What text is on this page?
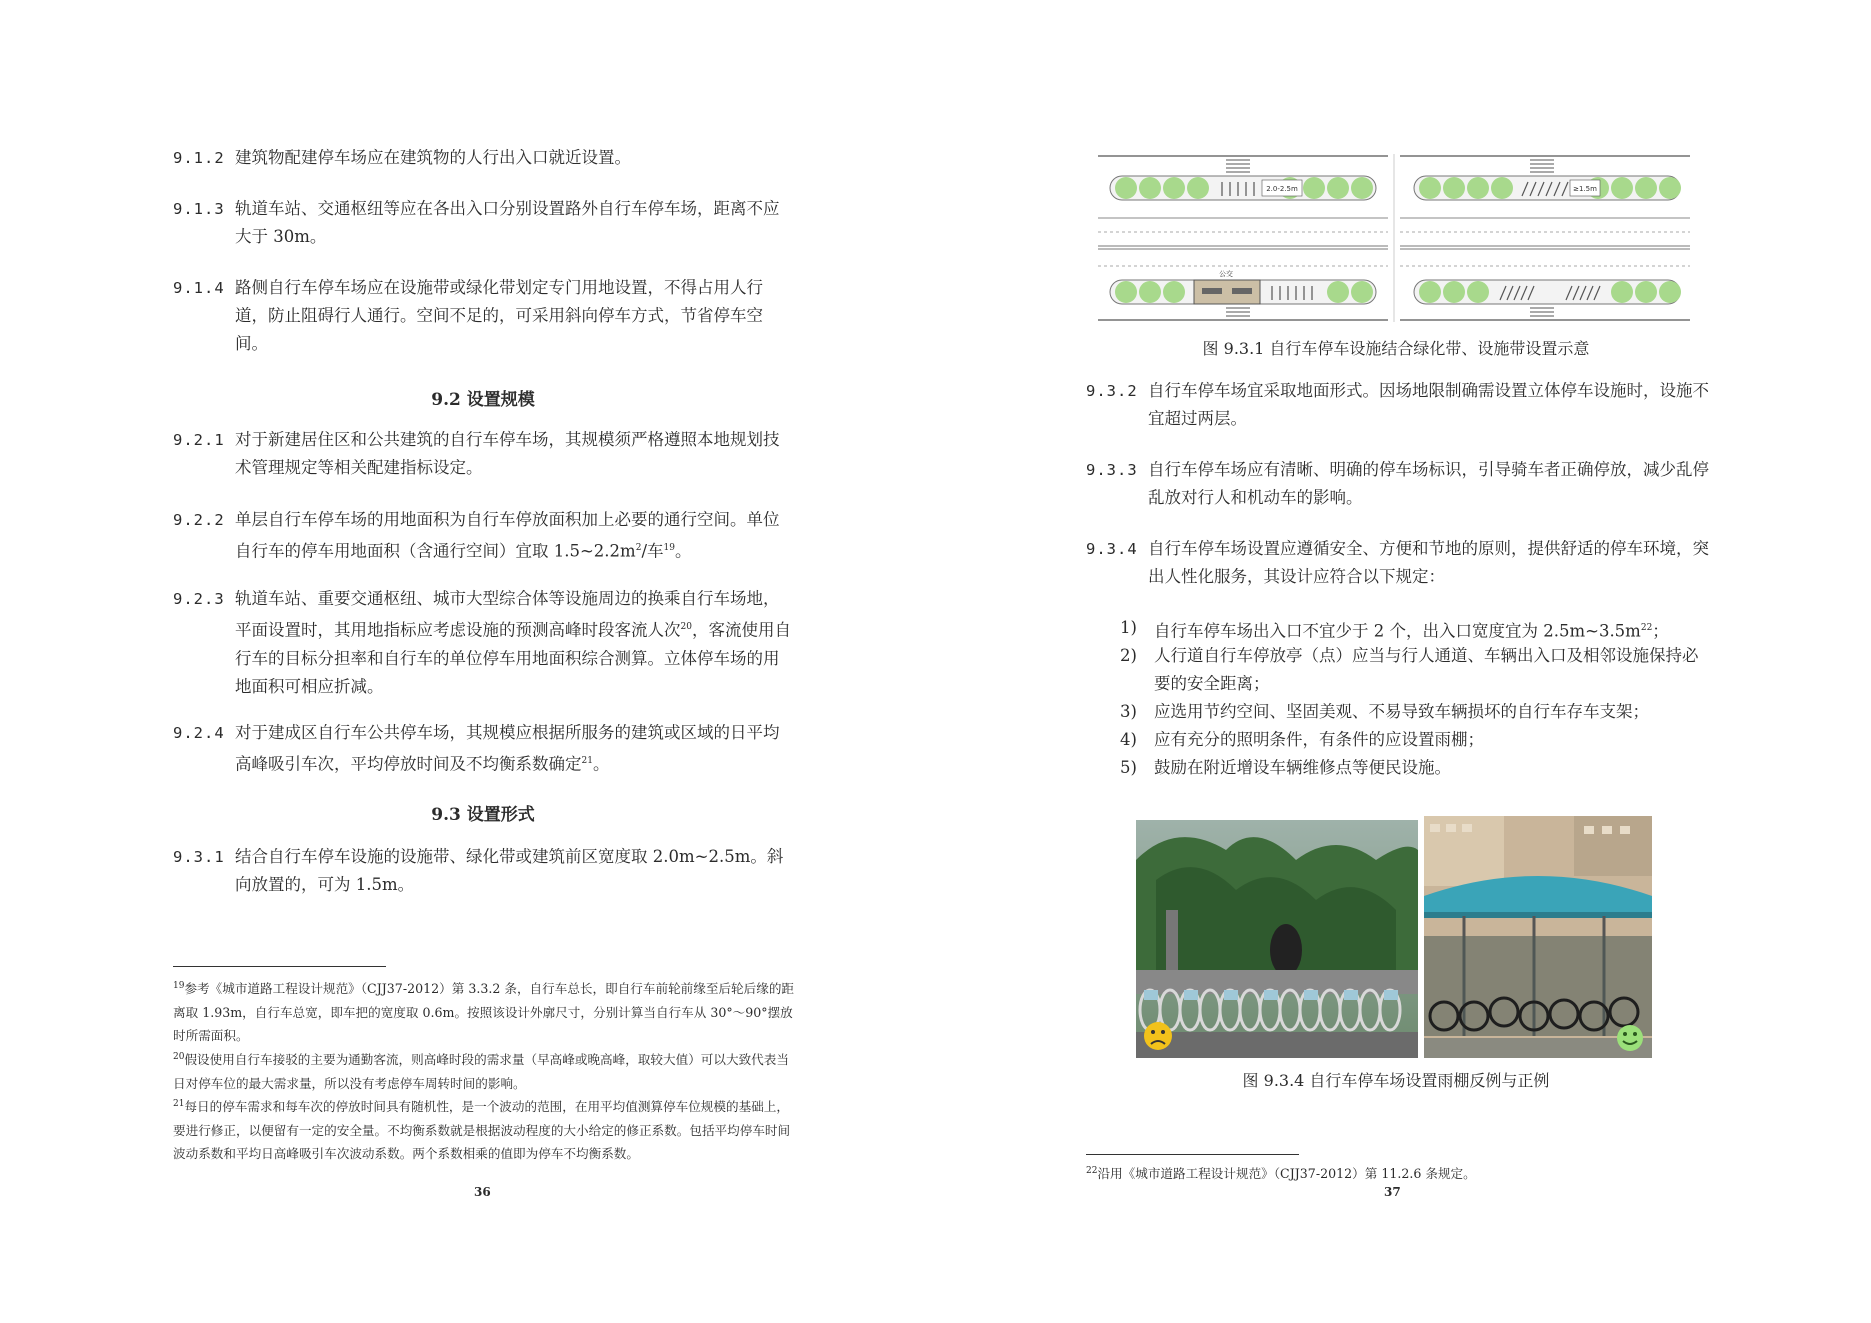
9.1.2 建筑物配建停车场应在建筑物的人行出入口就近设置。
9.1.3 轨道车站、交通枢纽等应在各出入口分别设置路外自行车停车场，距离不应大于 30m。
9.1.4 路侧自行车停车场应在设施带或绿化带划定专门用地设置，不得占用人行道，防止阻碍行人通行。空间不足的，可采用斜向停车方式，节省停车空间。
9.2 设置规模
9.2.1 对于新建居住区和公共建筑的自行车停车场，其规模须严格遵照本地规划技术管理规定等相关配建指标设定。
9.2.2 单层自行车停车场的用地面积为自行车停放面积加上必要的通行空间。单位自行车的停车用地面积（含通行空间）宜取 $1.5\sim 2.2m^2/$车$^{19}$。
9.2.3 轨道车站、重要交通枢纽、城市大型综合体等设施周边的换乘自行车场地，平面设置时，其用地指标应考虑设施的预测高峰时段客流人次$^{20}$，客流使用自行车的目标分担率和自行车的单位停车用地面积综合测算。立体停车场的用地面积可相应折减。
9.2.4 对于建成区自行车公共停车场，其规模应根据所服务的建筑或区域的日平均高峰吸引车次，平均停放时间及不均衡系数确定$^{21}$。
9.3 设置形式
9.3.1 结合自行车停车设施的设施带、绿化带或建筑前区宽度取 2.0m~2.5m。斜向放置的，可为 1.5m。
$^{19}$参考《城市道路工程设计规范》（CJJ37-2012）第 3.3.2 条，自行车总长，即自行车前轮前缘至后轮后缘的距离取 1.93m，自行车总宽，即车把的宽度取 0.6m。按照该设计外廓尺寸，分别计算当自行车从 30°～90°摆放时所需面积。
$^{20}$假设使用自行车接驳的主要为通勤客流，则高峰时段的需求量（早高峰或晚高峰，取较大值）可以大致代表当日对停车位的最大需求量，所以没有考虑停车周转时间的影响。
$^{21}$每日的停车需求和每车次的停放时间具有随机性，是一个波动的范围，在用平均值测算停车位规模的基础上，要进行修正，以便留有一定的安全量。不均衡系数就是根据波动程度的大小给定的修正系数。包括平均停车时间波动系数和平均日高峰吸引车次波动系数。两个系数相乘的值即为停车不均衡系数。
36
2.0-2.5m	≥1.5m
公交
图 9.3.1 自行车停车设施结合绿化带、设施带设置示意
9.3.2 自行车停车场宜采取地面形式。因场地限制确需设置立体停车设施时，设施不宜超过两层。
9.3.3 自行车停车场应有清晰、明确的停车场标识，引导骑车者正确停放，减少乱停乱放对行人和机动车的影响。
9.3.4 自行车停车场设置应遵循安全、方便和节地的原则，提供舒适的停车环境，突出人性化服务，其设计应符合以下规定：
1) 自行车停车场出入口不宜少于 2 个，出入口宽度宜为 $2.5m\sim 3.5m^{22}$；
2) 人行道自行车停放亭（点）应当与行人通道、车辆出入口及相邻设施保持必要的安全距离；
3) 应选用节约空间、坚固美观、不易导致车辆损坏的自行车存车支架；
4) 应有充分的照明条件，有条件的应设置雨棚；
5) 鼓励在附近增设车辆维修点等便民设施。
图 9.3.4 自行车停车场设置雨棚反例与正例
$^{22}$沿用《城市道路工程设计规范》（CJJ37-2012）第 11.2.6 条规定。
37
